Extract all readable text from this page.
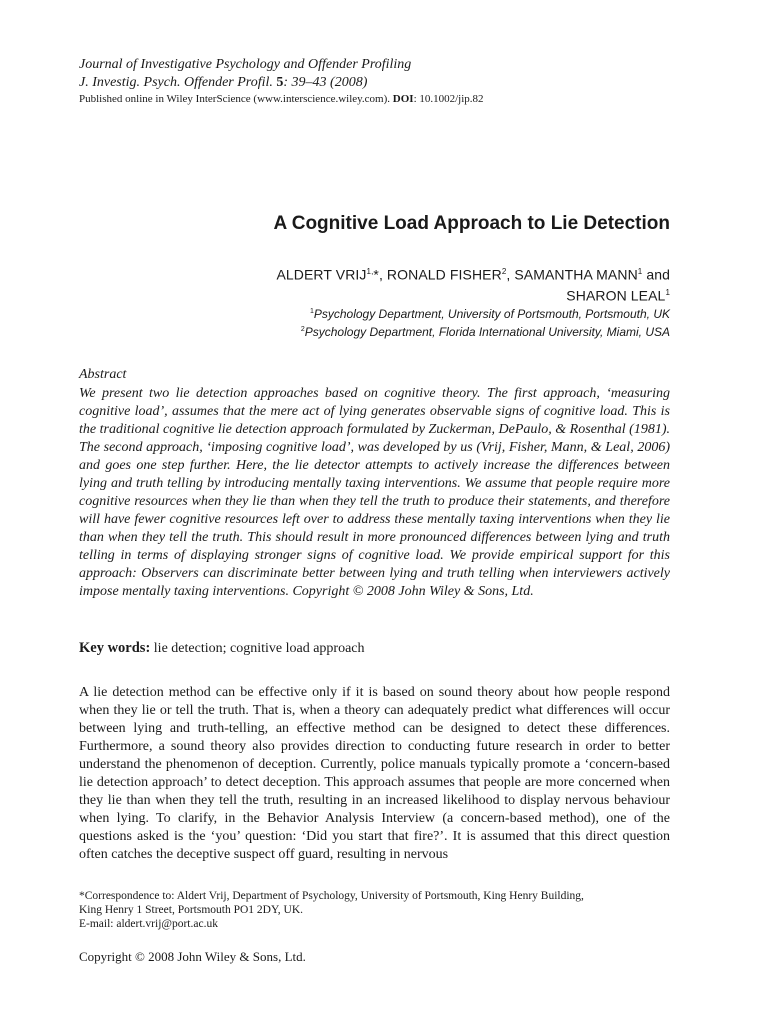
Journal of Investigative Psychology and Offender Profiling
J. Investig. Psych. Offender Profil. 5: 39–43 (2008)
Published online in Wiley InterScience (www.interscience.wiley.com). DOI: 10.1002/jip.82
A Cognitive Load Approach to Lie Detection
ALDERT $VRIJ^{1,}*$, RONALD FISHER$^2$, SAMANTHA MANN$^1$ and
SHARON LEAL$^1$
$^1$Psychology Department, University of Portsmouth, Portsmouth, UK
$^2$Psychology Department, Florida International University, Miami, USA
Abstract
We present two lie detection approaches based on cognitive theory. The first approach, ‘measuring cognitive load’, assumes that the mere act of lying generates observable signs of cognitive load. This is the traditional cognitive lie detection approach formulated by Zuckerman, DePaulo, & Rosenthal (1981). The second approach, ‘imposing cognitive load’, was developed by us (Vrij, Fisher, Mann, & Leal, 2006) and goes one step further. Here, the lie detector attempts to actively increase the differences between lying and truth telling by introducing mentally taxing interventions. We assume that people require more cognitive resources when they lie than when they tell the truth to produce their statements, and therefore will have fewer cognitive resources left over to address these mentally taxing interventions when they lie than when they tell the truth. This should result in more pronounced differences between lying and truth telling in terms of displaying stronger signs of cognitive load. We provide empirical support for this approach: Observers can discriminate better between lying and truth telling when interviewers actively impose mentally taxing interventions. Copyright © 2008 John Wiley & Sons, Ltd.
Key words: lie detection; cognitive load approach
A lie detection method can be effective only if it is based on sound theory about how people respond when they lie or tell the truth. That is, when a theory can adequately predict what differences will occur between lying and truth-telling, an effective method can be designed to detect these differences. Furthermore, a sound theory also provides direction to conducting future research in order to better understand the phenomenon of deception. Currently, police manuals typically promote a ‘concern-based lie detection approach’ to detect deception. This approach assumes that people are more concerned when they lie than when they tell the truth, resulting in an increased likelihood to display nervous behaviour when lying. To clarify, in the Behavior Analysis Interview (a concern-based method), one of the questions asked is the ‘you’ question: ‘Did you start that fire?’. It is assumed that this direct question often catches the deceptive suspect off guard, resulting in nervous
*Correspondence to: Aldert Vrij, Department of Psychology, University of Portsmouth, King Henry Building,
King Henry 1 Street, Portsmouth PO1 2DY, UK.
E-mail: aldert.vrij@port.ac.uk
Copyright © 2008 John Wiley & Sons, Ltd.
